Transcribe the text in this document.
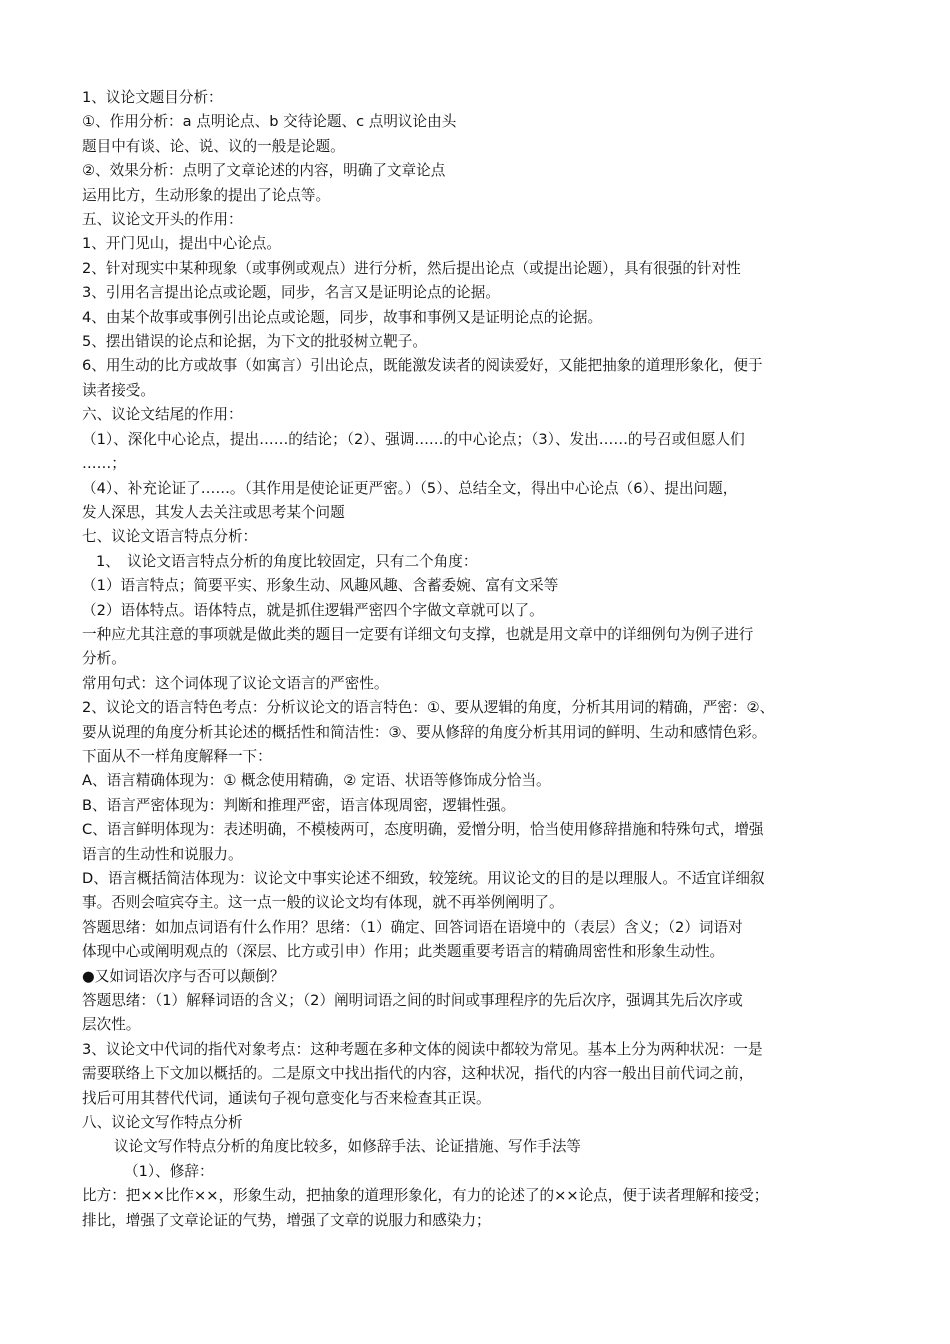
1、议论文题目分析：
①、作用分析：a 点明论点、b 交待论题、c 点明议论由头
题目中有谈、论、说、议的一般是论题。
②、效果分析：点明了文章论述的内容，明确了文章论点
运用比方，生动形象的提出了论点等。
五、议论文开头的作用：
1、开门见山，提出中心论点。
2、针对现实中某种现象（或事例或观点）进行分析，然后提出论点（或提出论题），具有很强的针对性
3、引用名言提出论点或论题，同步，名言又是证明论点的论据。
4、由某个故事或事例引出论点或论题，同步，故事和事例又是证明论点的论据。
5、摆出错误的论点和论据，为下文的批驳树立靶子。
6、用生动的比方或故事（如寓言）引出论点，既能激发读者的阅读爱好，又能把抽象的道理形象化，便于
读者接受。
六、议论文结尾的作用：
（1）、深化中心论点，提出……的结论；（2）、强调……的中心论点；（3）、发出……的号召或但愿人们
……；
（4）、补充论证了……。（其作用是使论证更严密。）（5）、总结全文，得出中心论点（6）、提出问题，
发人深思，其发人去关注或思考某个问题
七、议论文语言特点分析：
1、　议论文语言特点分析的角度比较固定，只有二个角度：
（1）语言特点；简要平实、形象生动、风趣风趣、含蓄委婉、富有文采等
（2）语体特点。语体特点，就是抓住逻辑严密四个字做文章就可以了。
一种应尤其注意的事项就是做此类的题目一定要有详细文句支撑，也就是用文章中的详细例句为例子进行
分析。
常用句式：这个词体现了议论文语言的严密性。
2、议论文的语言特色考点：分析议论文的语言特色：①、要从逻辑的角度，分析其用词的精确，严密：②、
要从说理的角度分析其论述的概括性和简洁性：③、要从修辞的角度分析其用词的鲜明、生动和感情色彩。
下面从不一样角度解释一下：
A、语言精确体现为：① 概念使用精确，② 定语、状语等修饰成分恰当。
B、语言严密体现为：判断和推理严密，语言体现周密，逻辑性强。
C、语言鲜明体现为：表述明确，不模棱两可，态度明确，爱憎分明，恰当使用修辞措施和特殊句式，增强
语言的生动性和说服力。
D、语言概括简洁体现为：议论文中事实论述不细致，较笼统。用议论文的目的是以理服人。不适宜详细叙
事。否则会喧宾夺主。这一点一般的议论文均有体现，就不再举例阐明了。
答题思绪：如加点词语有什么作用？思绪：（1）确定、回答词语在语境中的（表层）含义；（2）词语对
体现中心或阐明观点的（深层、比方或引申）作用；此类题重要考语言的精确周密性和形象生动性。
●又如词语次序与否可以颠倒？
答题思绪：（1）解释词语的含义；（2）阐明词语之间的时间或事理程序的先后次序，强调其先后次序或
层次性。
3、议论文中代词的指代对象考点：这种考题在多种文体的阅读中都较为常见。基本上分为两种状况：一是
需要联络上下文加以概括的。二是原文中找出指代的内容，这种状况，指代的内容一般出目前代词之前，
找后可用其替代代词，通读句子视句意变化与否来检查其正误。
八、议论文写作特点分析
议论文写作特点分析的角度比较多，如修辞手法、论证措施、写作手法等
（1）、修辞：
比方：把××比作××，形象生动，把抽象的道理形象化，有力的论述了的××论点，便于读者理解和接受；
排比，增强了文章论证的气势，增强了文章的说服力和感染力；
